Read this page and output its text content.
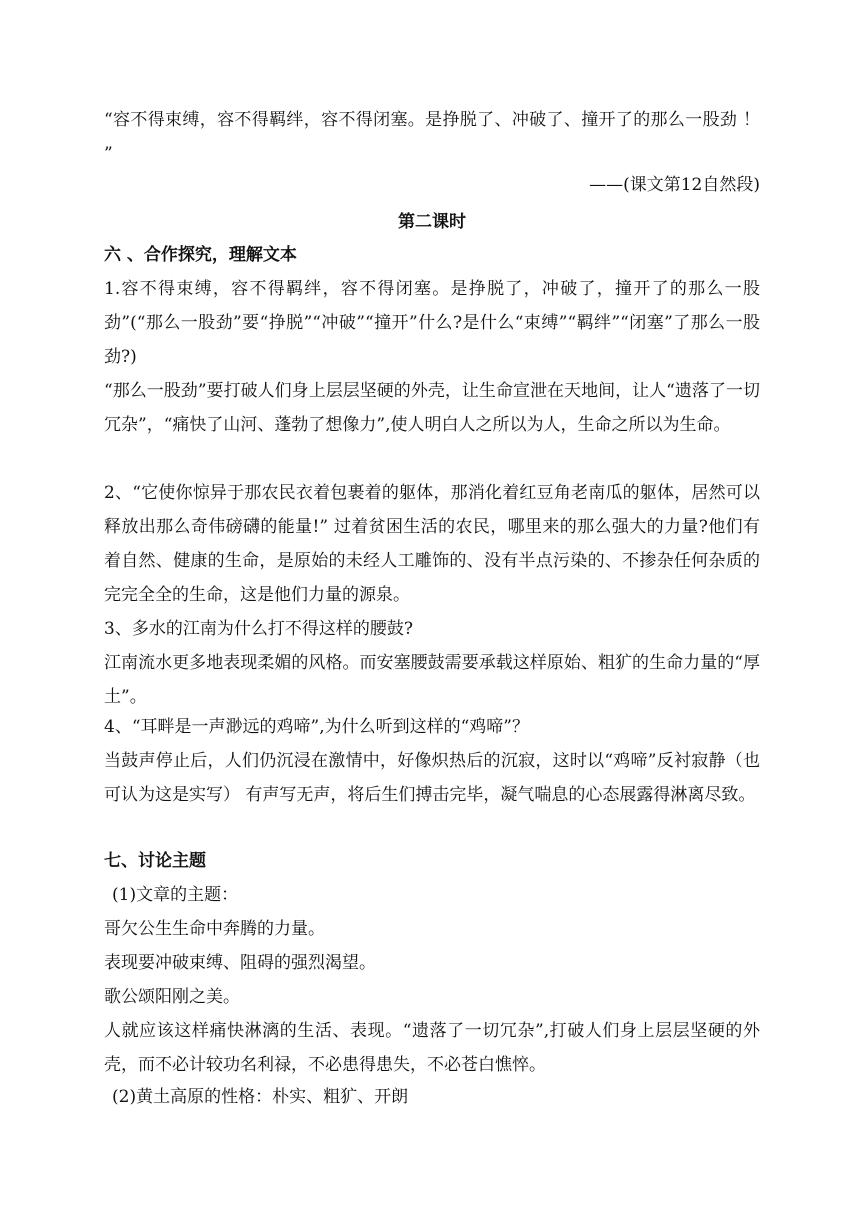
“容不得束缚，容不得羁绊，容不得闭塞。是挣脱了、冲破了、撞开了的那么一股劲 ！ ”

——(课文第12自然段)

第二课时

六 、合作探究，理解文本

1.容不得束缚，容不得羁绊，容不得闭塞。是挣脱了，冲破了，撞开了的那么一股劲”(“那么一股劲”要“挣脱”“冲破”“撞开”什么?是什么“束缚”“羁绊”“闭塞”了那么一股劲?)

“那么一股劲”要打破人们身上层层坚硬的外壳，让生命宣泄在天地间，让人“遗落了一切冗杂”，“痛快了山河、蓬勃了想像力”,使人明白人之所以为人，生命之所以为生命。

2、“它使你惊异于那农民衣着包裹着的躯体，那消化着红豆角老南瓜的躯体，居然可以释放出那么奇伟磅礴的能量!” 过着贫困生活的农民，哪里来的那么强大的力量?他们有着自然、健康的生命，是原始的未经人工雕饰的、没有半点污染的、不掺杂任何杂质的完完全全的生命，这是他们力量的源泉。

3、多水的江南为什么打不得这样的腰鼓?

江南流水更多地表现柔媚的风格。而安塞腰鼓需要承载这样原始、粗犷的生命力量的“厚土”。

4、“耳畔是一声渺远的鸡啼”,为什么听到这样的“鸡啼”？

当鼓声停止后，人们仍沉浸在激情中，好像炽热后的沉寂，这时以“鸡啼”反衬寂静（也可认为这是实写） 有声写无声，将后生们搏击完毕，凝气喘息的心态展露得淋离尽致。

七、讨论主题

(1)文章的主题：

哥欠公生生命中奔腾的力量。

表现要冲破束缚、阻碍的强烈渴望。

歌公颂阳刚之美。

人就应该这样痛快淋漓的生活、表现。“遗落了一切冗杂”,打破人们身上层层坚硬的外壳，而不必计较功名利禄，不必患得患失，不必苍白憔悴。

(2)黄土高原的性格：朴实、粗犷、开朗
